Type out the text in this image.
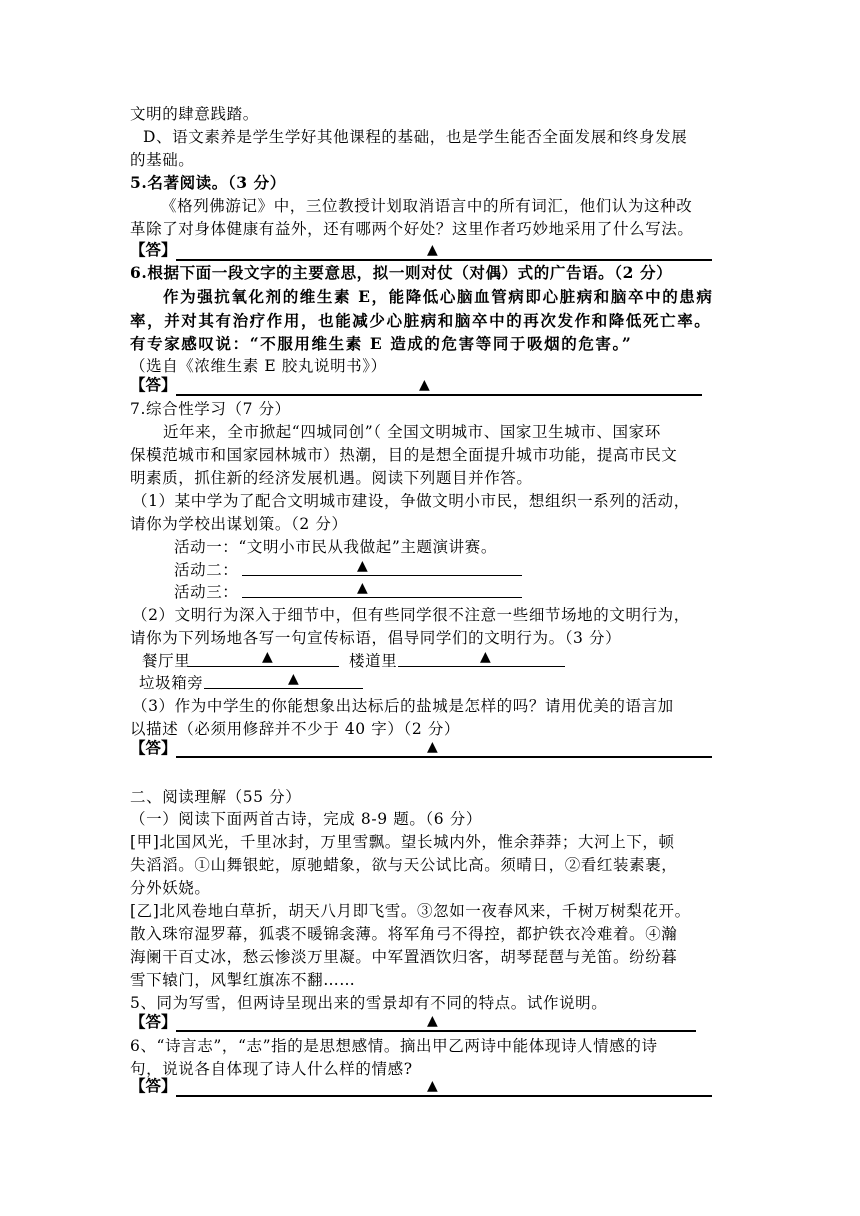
文明的肆意践踏。
D、语文素养是学生学好其他课程的基础，也是学生能否全面发展和终身发展
的基础。
5.名著阅读。（3 分）
《格列佛游记》中，三位教授计划取消语言中的所有词汇，他们认为这种改
革除了对身体健康有益外，还有哪两个好处？这里作者巧妙地采用了什么写法。
【答】	▲
6.根据下面一段文字的主要意思，拟一则对仗（对偶）式的广告语。（2 分）
作为强抗氧化剂的维生素 E，能降低心脑血管病即心脏病和脑卒中的患病
率，并对其有治疗作用，也能减少心脏病和脑卒中的再次发作和降低死亡率。
有专家感叹说：“不服用维生素 E 造成的危害等同于吸烟的危害。”
（选自《浓维生素 E 胶丸说明书》）
【答】	▲
7.综合性学习（7 分）
近年来，全市掀起“四城同创”（ 全国文明城市、国家卫生城市、国家环
保模范城市和国家园林城市）热潮，目的是想全面提升城市功能，提高市民文
明素质，抓住新的经济发展机遇。阅读下列题目并作答。
（1）某中学为了配合文明城市建设，争做文明小市民，想组织一系列的活动，
请你为学校出谋划策。（2 分）
活动一：“文明小市民从我做起”主题演讲赛。
活动二：	▲
活动三：	▲
（2）文明行为深入于细节中，但有些同学很不注意一些细节场地的文明行为，
请你为下列场地各写一句宣传标语，倡导同学们的文明行为。（3 分）
餐厅里	▲	楼道里	▲
垃圾箱旁	▲
（3）作为中学生的你能想象出达标后的盐城是怎样的吗？请用优美的语言加
以描述（必须用修辞并不少于 40 字）（2 分）
【答】	▲
二、阅读理解（55 分）
（一）阅读下面两首古诗，完成 8-9 题。（6 分）
[甲]北国风光，千里冰封，万里雪飘。望长城内外，惟余莽莽；大河上下，顿
失滔滔。①山舞银蛇，原驰蜡象，欲与天公试比高。须晴日，②看红装素裹，
分外妖娆。
[乙]北风卷地白草折，胡天八月即飞雪。③忽如一夜春风来，千树万树梨花开。
散入珠帘湿罗幕，狐裘不暖锦衾薄。将军角弓不得控，都护铁衣冷难着。④瀚
海阑干百丈冰，愁云惨淡万里凝。中军置酒饮归客，胡琴琵琶与羌笛。纷纷暮
雪下辕门，风掣红旗冻不翻……
5、同为写雪，但两诗呈现出来的雪景却有不同的特点。试作说明。
【答】	▲
6、“诗言志”，“志”指的是思想感情。摘出甲乙两诗中能体现诗人情感的诗
句，说说各自体现了诗人什么样的情感?
【答】	▲
